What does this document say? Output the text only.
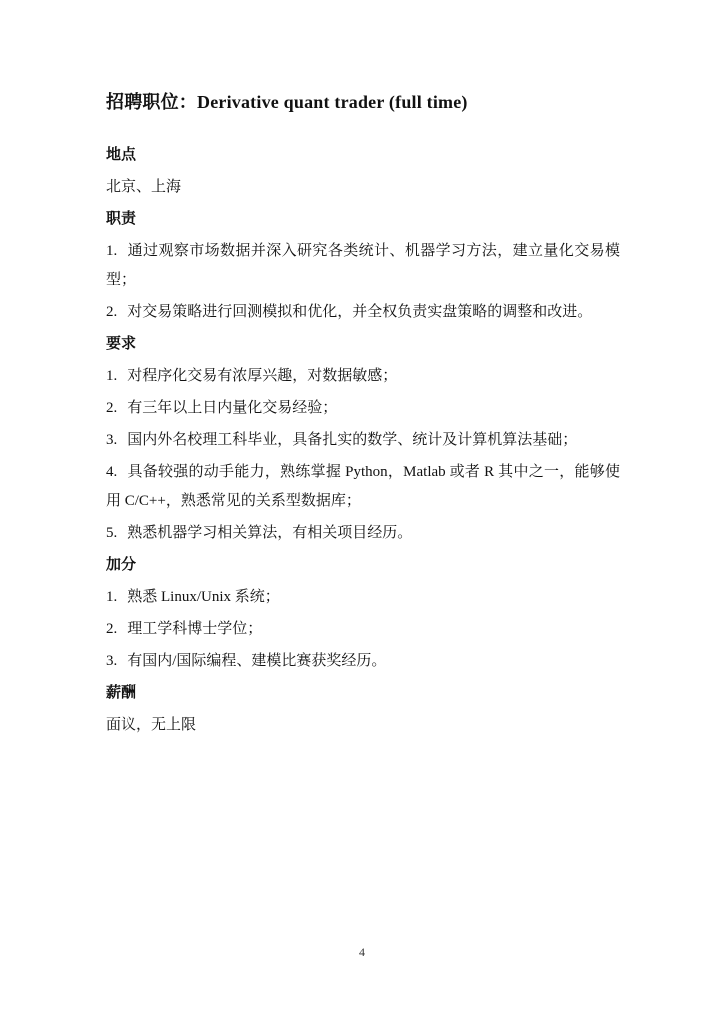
招聘职位：Derivative quant trader (full time)
地点

北京、上海

职责

1. 通过观察市场数据并深入研究各类统计、机器学习方法，建立量化交易模型；

2. 对交易策略进行回测模拟和优化，并全权负责实盘策略的调整和改进。

要求

1. 对程序化交易有浓厚兴趣，对数据敏感；

2. 有三年以上日内量化交易经验；

3. 国内外名校理工科毕业，具备扎实的数学、统计及计算机算法基础；

4. 具备较强的动手能力，熟练掌握 Python，Matlab 或者 R 其中之一，能够使用 C/C++，熟悉常见的关系型数据库；

5. 熟悉机器学习相关算法，有相关项目经历。

加分

1. 熟悉 Linux/Unix 系统；

2. 理工学科博士学位；

3. 有国内/国际编程、建模比赛获奖经历。

薪酬

面议，无上限

4
